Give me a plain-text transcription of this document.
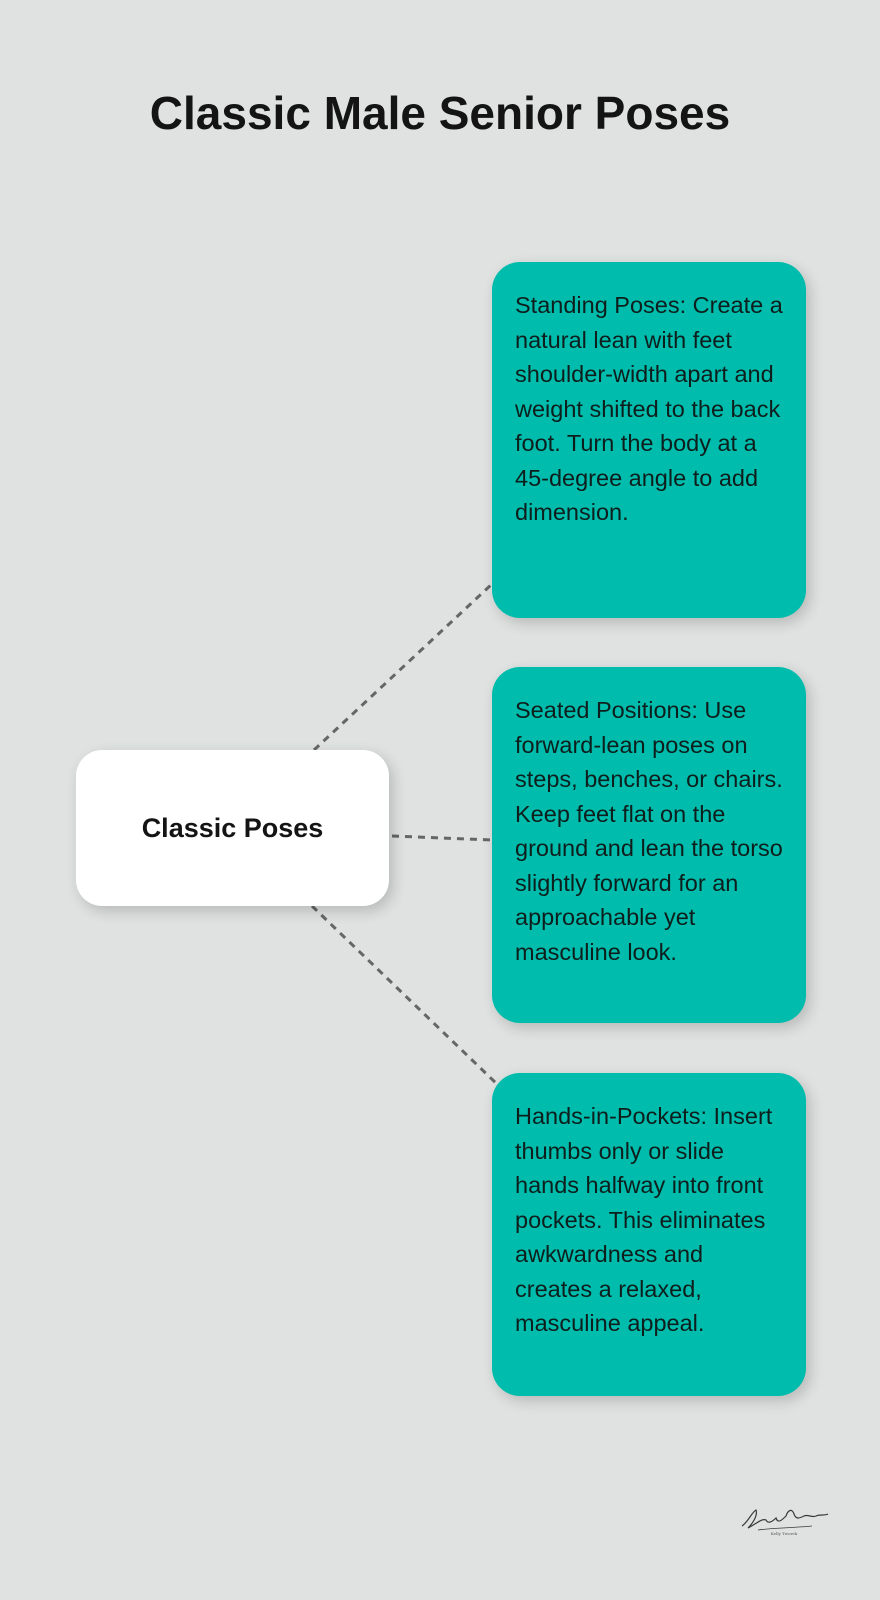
Classic Male Senior Poses
Classic Poses

Standing Poses: Create a natural lean with feet shoulder-width apart and weight shifted to the back foot. Turn the body at a 45-degree angle to add dimension.

Seated Positions: Use forward-lean poses on steps, benches, or chairs. Keep feet flat on the ground and lean the torso slightly forward for an approachable yet masculine look.

Hands-in-Pockets: Insert thumbs only or slide hands halfway into front pockets. This eliminates awkwardness and creates a relaxed, masculine appeal.

Kelly Tworek
